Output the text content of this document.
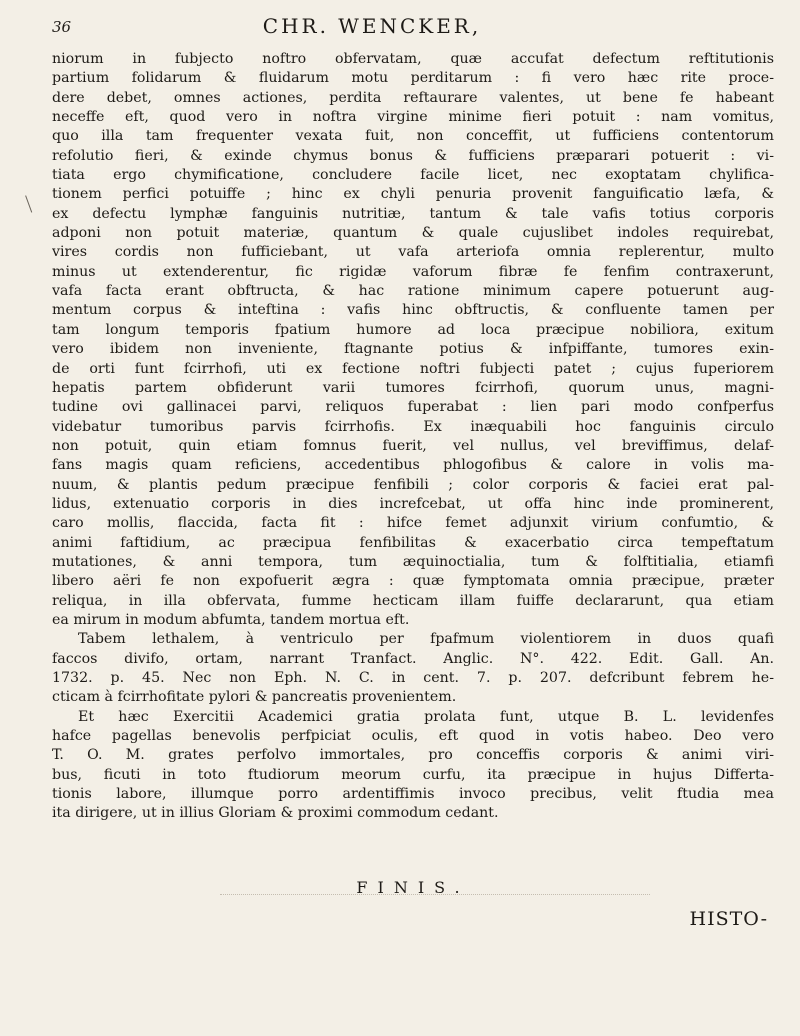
36	CHR. WENCKER,
niorum in fubjecto noftro obfervatam, quæ accufat defectum reftitutionis
partium folidarum & fluidarum motu perditarum : fi vero hæc rite proce-
dere debet, omnes actiones, perdita reftaurare valentes, ut bene fe habeant
neceffe eft, quod vero in noftra virgine minime fieri potuit : nam vomitus,
quo illa tam frequenter vexata fuit, non conceffit, ut fufficiens contentorum
refolutio fieri, & exinde chymus bonus & fufficiens præparari potuerit : vi-
tiata ergo chymificatione, concludere facile licet, nec exoptatam chylifica-
tionem perfici potuiffe ; hinc ex chyli penuria provenit fanguificatio læfa, &
ex defectu lymphæ fanguinis nutritiæ, tantum & tale vafis totius corporis
adponi non potuit materiæ, quantum & quale cujuslibet indoles requirebat,
vires cordis non fufficiebant, ut vafa arteriofa omnia replerentur, multo
minus ut extenderentur, fic rigidæ vaforum fibræ fe fenfim contraxerunt,
vafa facta erant obftructa, & hac ratione minimum capere potuerunt aug-
mentum corpus & inteftina : vafis hinc obftructis, & confluente tamen per
tam longum temporis fpatium humore ad loca præcipue nobiliora, exitum
vero ibidem non inveniente, ftagnante potius & infpiffante, tumores exin-
de orti funt fcirrhofi, uti ex fectione noftri fubjecti patet ; cujus fuperiorem
hepatis partem obfiderunt varii tumores fcirrhofi, quorum unus, magni-
tudine ovi gallinacei parvi, reliquos fuperabat : lien pari modo confperfus
videbatur tumoribus parvis fcirrhofis. Ex inæquabili hoc fanguinis circulo
non potuit, quin etiam fomnus fuerit, vel nullus, vel breviffimus, delaf-
fans magis quam reficiens, accedentibus phlogofibus & calore in volis ma-
nuum, & plantis pedum præcipue fenfibili ; color corporis & faciei erat pal-
lidus, extenuatio corporis in dies increfcebat, ut offa hinc inde prominerent,
caro mollis, flaccida, facta fit : hifce femet adjunxit virium confumtio, &
animi faftidium, ac præcipua fenfibilitas & exacerbatio circa tempeftatum
mutationes, & anni tempora, tum æquinoctialia, tum & folftitialia, etiamfi
libero aëri fe non expofuerit ægra : quæ fymptomata omnia præcipue, præter
reliqua, in illa obfervata, fumme hecticam illam fuiffe declararunt, qua etiam
ea mirum in modum abfumta, tandem mortua eft.
Tabem lethalem, à ventriculo per fpafmum violentiorem in duos quafi
faccos divifo, ortam, narrant Tranfact. Anglic. N°. 422. Edit. Gall. An.
1732. p. 45. Nec non Eph. N. C. in cent. 7. p. 207. defcribunt febrem he-
cticam à fcirrhofitate pylori & pancreatis provenientem.
Et hæc Exercitii Academici gratia prolata funt, utque B. L. levidenfes
hafce pagellas benevolis perfpiciat oculis, eft quod in votis habeo. Deo vero
T. O. M. grates perfolvo immortales, pro conceffis corporis & animi viri-
bus, ficuti in toto ftudiorum meorum curfu, ita præcipue in hujus Differta-
tionis labore, illumque porro ardentiffimis invoco precibus, velit ftudia mea
ita dirigere, ut in illius Gloriam & proximi commodum cedant.
FINIS.
HISTO-
